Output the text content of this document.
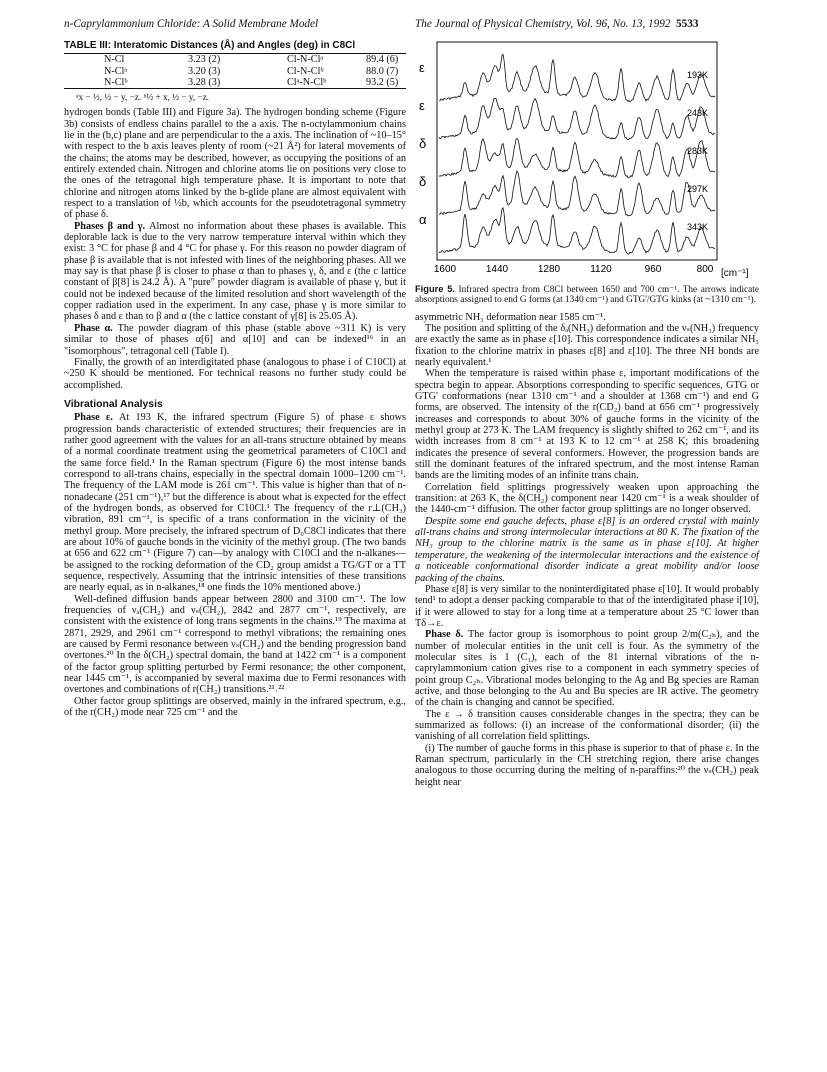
n-Caprylammonium Chloride: A Solid Membrane Model	The Journal of Physical Chemistry, Vol. 96, No. 13, 1992 5533
TABLE III: Interatomic Distances (Å) and Angles (deg) in C8Cl
N-Cl	3.23 (2)	Cl-N-Clᵃ	89.4 (6)
N-Clᵃ	3.20 (3)	Cl-N-Clᵇ	88.0 (7)
N-Clᵇ	3.28 (3)	Clᵃ-N-Clᵇ	93.2 (5)
ᵃx − ½, ½ − y, −z. ᵇ½ + x, ½ − y, −z.

hydrogen bonds (Table III) and Figure 3a). The hydrogen bonding scheme (Figure 3b) consists of endless chains parallel to the a axis. The n-octylammonium chains lie in the (b,c) plane and are perpendicular to the a axis. The inclination of ~10–15° with respect to the b axis leaves plenty of room (~21 Å²) for lateral movements of the chains; the atoms may be described, however, as occupying the positions of an entirely extended chain. Nitrogen and chlorine atoms lie on positions very close to the ones of the tetragonal high temperature phase. It is important to note that chlorine and nitrogen atoms linked by the b-glide plane are almost equivalent with respect to a translation of ½b, which accounts for the pseudotetragonal symmetry of phase δ.

Phases β and γ. Almost no information about these phases is available. This deplorable lack is due to the very narrow temperature interval within which they exist: 3 °C for phase β and 4 °C for phase γ. For this reason no powder diagram of phase β is available that is not infested with lines of the neighboring phases. All we may say is that phase β is closer to phase α than to phases γ, δ, and ε (the c lattice constant of β[8] is 24.2 Å). A "pure" powder diagram is available of phase γ, but it could not be indexed because of the limited resolution and short wavelength of the copper radiation used in the experiment. In any case, phase γ is more similar to phases δ and ε than to β and α (the c lattice constant of γ[8] is 25.05 Å).

Phase α. The powder diagram of this phase (stable above ~311 K) is very similar to those of phases α[6] and α[10] and can be indexed¹⁶ in an "isomorphous", tetragonal cell (Table I).

Finally, the growth of an interdigitated phase (analogous to phase i of C10Cl) at ~250 K should be mentioned. For technical reasons no further study could be accomplished.

Vibrational Analysis

Phase ε. At 193 K, the infrared spectrum (Figure 5) of phase ε shows progression bands characteristic of extended structures; their frequencies are in rather good agreement with the values for an all-trans structure obtained by means of a normal coordinate treatment using the geometrical parameters of C10Cl and the same force field.¹ In the Raman spectrum (Figure 6) the most intense bands correspond to all-trans chains, especially in the spectral domain 1000–1200 cm⁻¹. The frequency of the LAM mode is 261 cm⁻¹. This value is higher than that of n-nonadecane (251 cm⁻¹),¹⁷ but the difference is about what is expected for the effect of the hydrogen bonds, as observed for C10Cl.¹ The frequency of the r⊥(CH₃) vibration, 891 cm⁻¹, is specific of a trans conformation in the vicinity of the methyl group. More precisely, the infrared spectrum of D₀C8Cl indicates that there are about 10% of gauche bonds in the vicinity of the methyl group. (The two bands at 656 and 622 cm⁻¹ (Figure 7) can—by analogy with C10Cl and the n-alkanes—be assigned to the rocking deformation of the CD₂ group amidst a TG/GT or a TT sequence, respectively. Assuming that the intrinsic intensities of these transitions are nearly equal, as in n-alkanes,¹⁸ one finds the 10% mentioned above.)

Well-defined diffusion bands appear between 2800 and 3100 cm⁻¹. The low frequencies of νₐ(CH₂) and νₛ(CH₂), 2842 and 2877 cm⁻¹, respectively, are consistent with the existence of long trans segments in the chains.¹⁹ The maxima at 2871, 2929, and 2961 cm⁻¹ correspond to methyl vibrations; the remaining ones are caused by Fermi resonance between νₛ(CH₂) and the bending progression band overtones.²⁰ In the δ(CH₂) spectral domain, the band at 1422 cm⁻¹ is a component of the factor group splitting perturbed by Fermi resonance; the other component, near 1445 cm⁻¹, is accompanied by several maxima due to Fermi resonances with overtones and combinations of r(CH₂) transitions.²¹˒²²

Other factor group splittings are observed, mainly in the infrared spectrum, e.g., of the r(CH₂) mode near 725 cm⁻¹ and the

ε
ε
δ
δ
α
193K
243K
283K
297K
343K
1600	1440	1280	1120	960	800 [cm⁻¹]
Figure 5. Infrared spectra from C8Cl between 1650 and 700 cm⁻¹. The arrows indicate absorptions assigned to end G forms (at 1340 cm⁻¹) and GTG'/GTG kinks (at ~1310 cm⁻¹).

asymmetric NH₃ deformation near 1585 cm⁻¹.

The position and splitting of the δₐ(NH₃) deformation and the νₛ(NH₃) frequency are exactly the same as in phase ε[10]. This correspondence indicates a similar NH₃ fixation to the chlorine matrix in phases ε[8] and ε[10]. The three NH bonds are nearly equivalent.¹

When the temperature is raised within phase ε, important modifications of the spectra begin to appear. Absorptions corresponding to specific sequences, GTG or GTG' conformations (near 1310 cm⁻¹ and a shoulder at 1368 cm⁻¹) and end G forms, are observed. The intensity of the r(CD₂) band at 656 cm⁻¹ progressively increases and corresponds to about 30% of gauche forms in the vicinity of the methyl group at 273 K. The LAM frequency is slightly shifted to 262 cm⁻¹, and its width increases from 8 cm⁻¹ at 193 K to 12 cm⁻¹ at 258 K; this broadening indicates the presence of several conformers. However, the progression bands are still the dominant features of the infrared spectrum, and the most intense Raman bands are the limiting modes of an infinite trans chain.

Correlation field splittings progressively weaken upon approaching the transition: at 263 K, the δ(CH₂) component near 1420 cm⁻¹ is a weak shoulder of the 1440-cm⁻¹ diffusion. The other factor group splittings are no longer observed.

Despite some end gauche defects, phase ε[8] is an ordered crystal with mainly all-trans chains and strong intermolecular interactions at 80 K. The fixation of the NH₃ group to the chlorine matrix is the same as in phase ε[10]. At higher temperature, the weakening of the intermolecular interactions and the existence of a noticeable conformational disorder indicate a great mobility and/or loose packing of the chains.

Phase ε[8] is very similar to the noninterdigitated phase ε[10]. It would probably tend¹ to adopt a denser packing comparable to that of the interdigitated phase i[10], if it were allowed to stay for a long time at a temperature about 25 °C lower than Tδ→ε.

Phase δ. The factor group is isomorphous to point group 2/m(C₂ₕ), and the number of molecular entities in the unit cell is four. As the symmetry of the molecular sites is 1 (C₁), each of the 81 internal vibrations of the n-caprylammonium cation gives rise to a component in each symmetry species of point group C₂ₕ. Vibrational modes belonging to the Ag and Bg species are Raman active, and those belonging to the Au and Bu species are IR active. The geometry of the chain is changing and cannot be specified.

The ε → δ transition causes considerable changes in the spectra; they can be summarized as follows: (i) an increase of the conformational disorder; (ii) the vanishing of all correlation field splittings.

(i) The number of gauche forms in this phase is superior to that of phase ε. In the Raman spectrum, particularly in the CH stretching region, there arise changes analogous to those occurring during the melting of n-paraffins:²⁰ the νₛ(CH₂) peak height near
